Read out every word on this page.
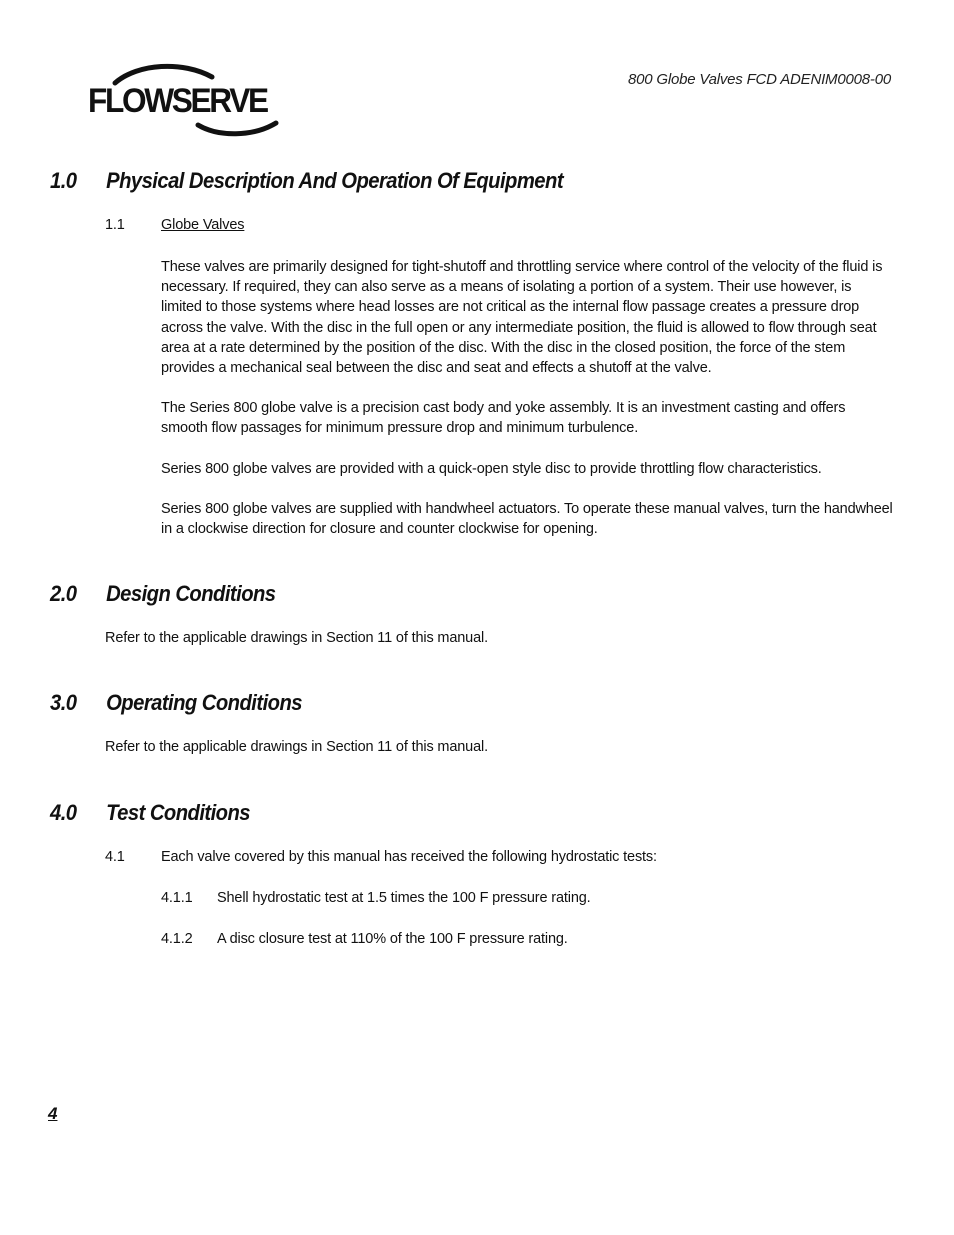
FLOWSERVE
800 Globe Valves FCD ADENIM0008-00
1.0 Physical Description And Operation Of Equipment
1.1	Globe Valves

These valves are primarily designed for tight-shutoff and throttling service where control of the velocity of the fluid is necessary. If required, they can also serve as a means of isolating a portion of a system. Their use however, is limited to those systems where head losses are not critical as the internal flow passage creates a pressure drop across the valve. With the disc in the full open or any intermediate position, the fluid is allowed to flow through seat area at a rate determined by the position of the disc. With the disc in the closed position, the force of the stem provides a mechanical seal between the disc and seat and effects a shutoff at the valve.

The Series 800 globe valve is a precision cast body and yoke assembly. It is an investment casting and offers smooth flow passages for minimum pressure drop and minimum turbulence.

Series 800 globe valves are provided with a quick-open style disc to provide throttling flow characteristics.

Series 800 globe valves are supplied with handwheel actuators. To operate these manual valves, turn the handwheel in a clockwise direction for closure and counter clockwise for opening.

2.0 Design Conditions
Refer to the applicable drawings in Section 11 of this manual.
3.0 Operating Conditions
Refer to the applicable drawings in Section 11 of this manual.
4.0 Test Conditions
4.1	Each valve covered by this manual has received the following hydrostatic tests:
4.1.1 Shell hydrostatic test at 1.5 times the 100 F pressure rating.
4.1.2 A disc closure test at 110% of the 100 F pressure rating.
4
